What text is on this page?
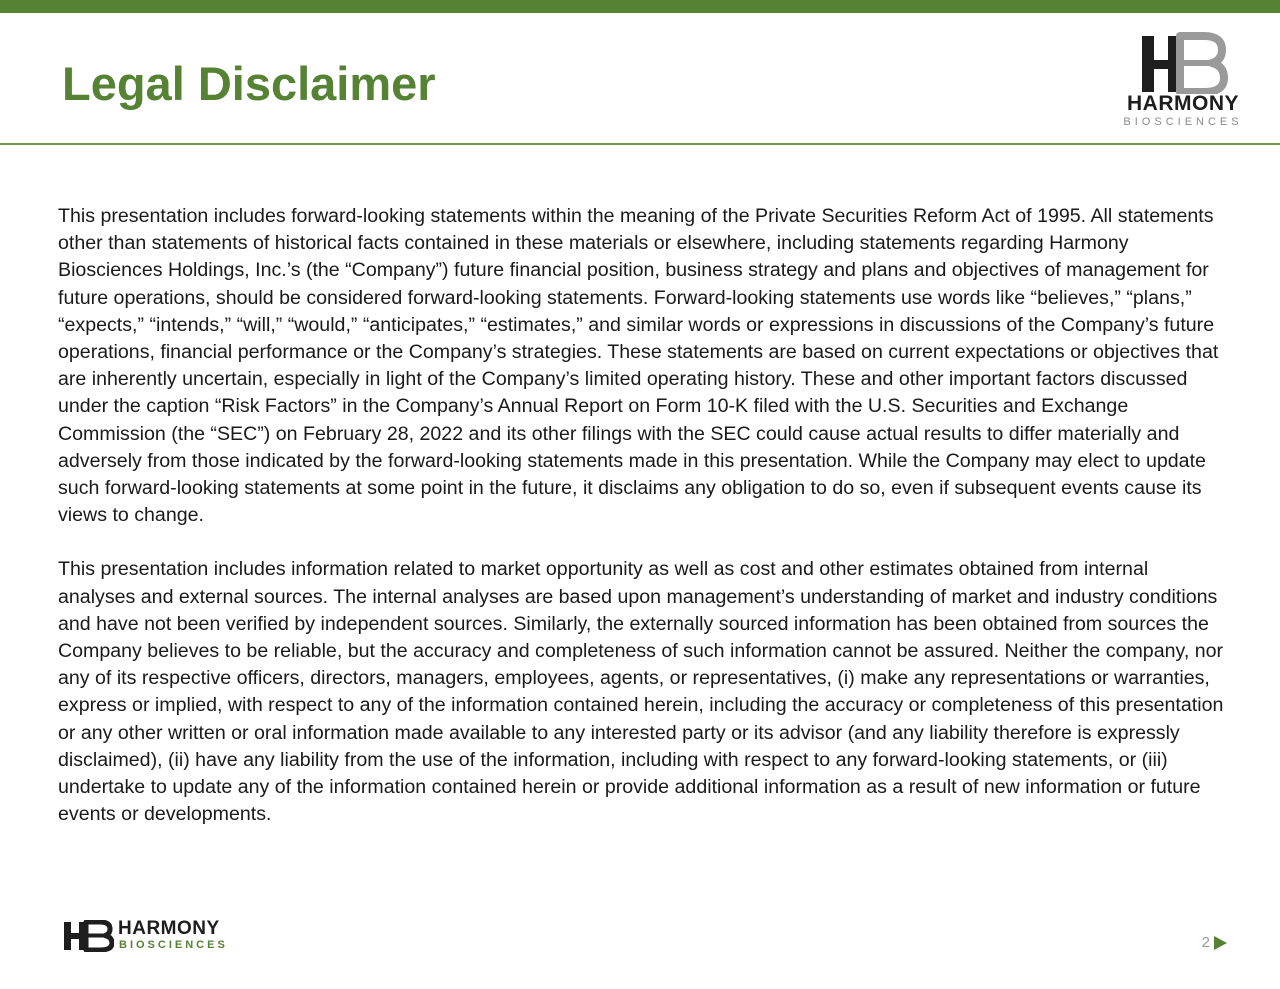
Legal Disclaimer	HARMONY
BIOSCIENCES

This presentation includes forward-looking statements within the meaning of the Private Securities Reform Act of 1995. All statements other than statements of historical facts contained in these materials or elsewhere, including statements regarding Harmony Biosciences Holdings, Inc.’s (the “Company”) future financial position, business strategy and plans and objectives of management for future operations, should be considered forward-looking statements. Forward-looking statements use words like “believes,” “plans,” “expects,” “intends,” “will,” “would,” “anticipates,” “estimates,” and similar words or expressions in discussions of the Company’s future operations, financial performance or the Company’s strategies. These statements are based on current expectations or objectives that are inherently uncertain, especially in light of the Company’s limited operating history. These and other important factors discussed under the caption “Risk Factors” in the Company’s Annual Report on Form 10-K filed with the U.S. Securities and Exchange Commission (the “SEC”) on February 28, 2022 and its other filings with the SEC could cause actual results to differ materially and adversely from those indicated by the forward-looking statements made in this presentation. While the Company may elect to update such forward-looking statements at some point in the future, it disclaims any obligation to do so, even if subsequent events cause its views to change.

This presentation includes information related to market opportunity as well as cost and other estimates obtained from internal analyses and external sources. The internal analyses are based upon management’s understanding of market and industry conditions and have not been verified by independent sources. Similarly, the externally sourced information has been obtained from sources the Company believes to be reliable, but the accuracy and completeness of such information cannot be assured. Neither the company, nor any of its respective officers, directors, managers, employees, agents, or representatives, (i) make any representations or warranties, express or implied, with respect to any of the information contained herein, including the accuracy or completeness of this presentation or any other written or oral information made available to any interested party or its advisor (and any liability therefore is expressly disclaimed), (ii) have any liability from the use of the information, including with respect to any forward-looking statements, or (iii) undertake to update any of the information contained herein or provide additional information as a result of new information or future events or developments.

HARMONY
BIOSCIENCES	2
